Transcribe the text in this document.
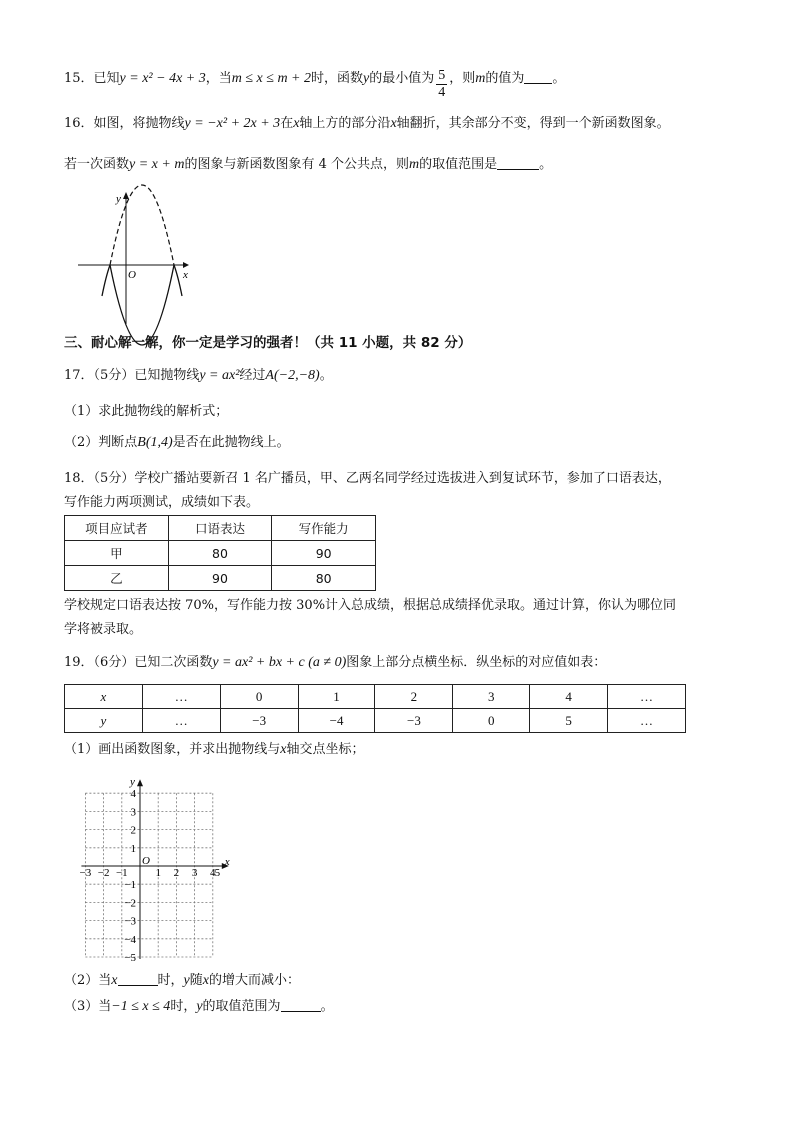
15．已知y = x² − 4x + 3，当m ≤ x ≤ m + 2时，函数y的最小值为 $\frac{5}{4}$ ，则m的值为 。
16．如图，将抛物线y = −x² + 2x + 3在x轴上方的部分沿x轴翻折，其余部分不变，得到一个新函数图象。
若一次函数y = x + m的图象与新函数图象有 4 个公共点，则m的取值范围是	。
y
x
O
三、耐心解一解，你一定是学习的强者！（共 11 小题，共 82 分）
17．（5分）已知抛物线y = ax²经过A(−2,−8)。
（1）求此抛物线的解析式；
（2）判断点B(1,4)是否在此抛物线上。
18．（5分）学校广播站要新召 1 名广播员，甲、乙两名同学经过选拔进入到复试环节，参加了口语表达，
写作能力两项测试，成绩如下表。
项目应试者	口语表达	写作能力
甲	80	90
乙	90	80
学校规定口语表达按 70%，写作能力按 30%计入总成绩，根据总成绩择优录取。通过计算，你认为哪位同
学将被录取。
19．（6分）已知二次函数y = ax² + bx + c (a ≠ 0)图象上部分点横坐标．纵坐标的对应值如表：
x	…	0	1	2	3	4	…
y	…	−3	−4	−3	0	5	…
（1）画出函数图象，并求出抛物线与x轴交点坐标；
−3 −2 −1	1 2 3 4 5
4
3
2
1
−1
−2
−3
−4
−5
O	x
y
（2）当x	时，y随x的增大而减小：
（3）当−1 ≤ x ≤ 4时，y的取值范围为	。
